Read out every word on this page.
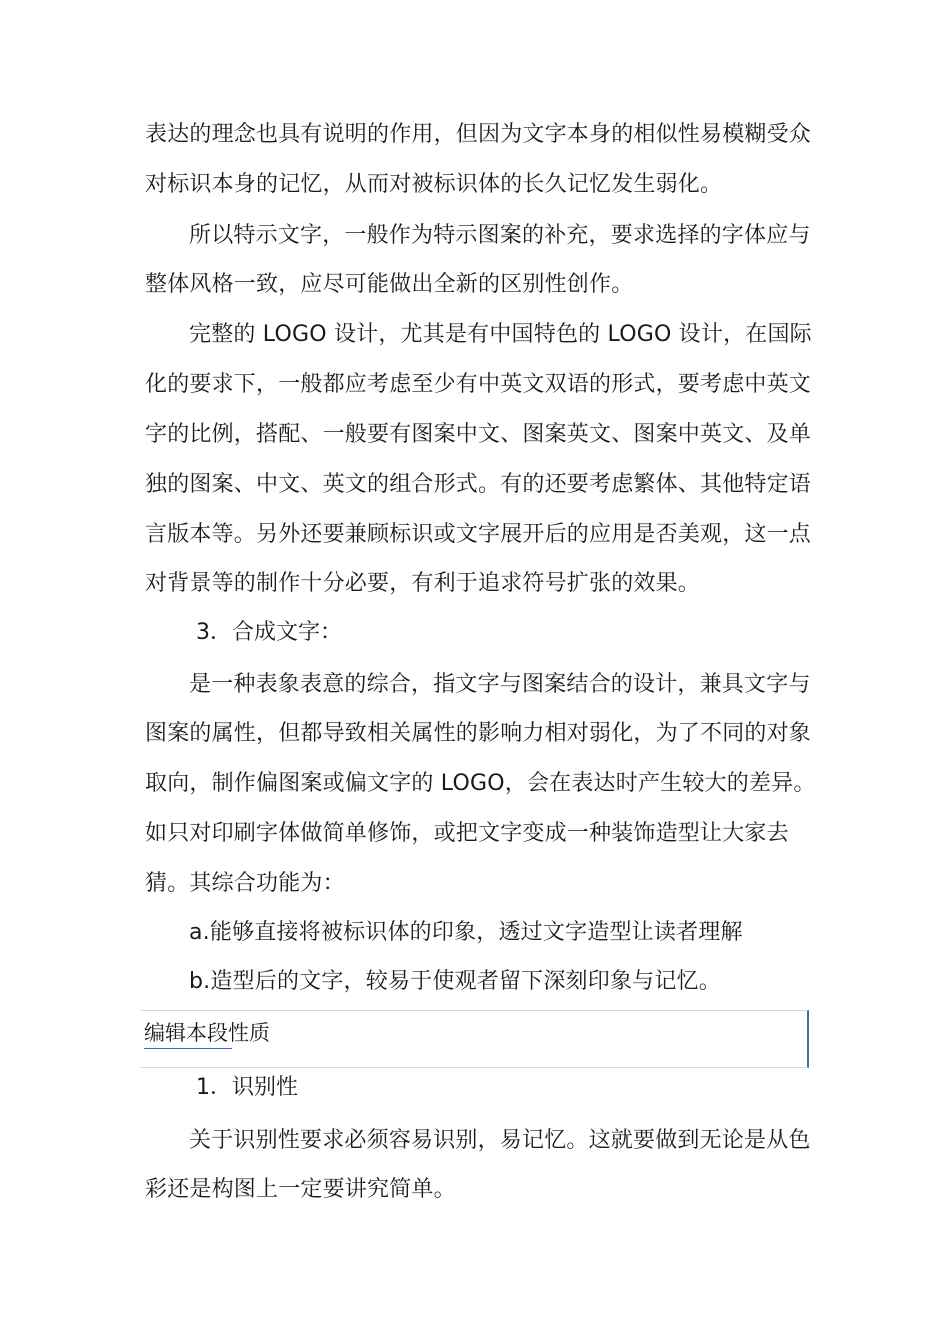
表达的理念也具有说明的作用，但因为文字本身的相似性易模糊受众
对标识本身的记忆，从而对被标识体的长久记忆发生弱化。
所以特示文字，一般作为特示图案的补充，要求选择的字体应与
整体风格一致，应尽可能做出全新的区别性创作。
完整的 LOGO 设计，尤其是有中国特色的 LOGO 设计，在国际
化的要求下，一般都应考虑至少有中英文双语的形式，要考虑中英文
字的比例，搭配、一般要有图案中文、图案英文、图案中英文、及单
独的图案、中文、英文的组合形式。有的还要考虑繁体、其他特定语
言版本等。另外还要兼顾标识或文字展开后的应用是否美观，这一点
对背景等的制作十分必要，有利于追求符号扩张的效果。
3．合成文字：
是一种表象表意的综合，指文字与图案结合的设计，兼具文字与
图案的属性，但都导致相关属性的影响力相对弱化，为了不同的对象
取向，制作偏图案或偏文字的 LOGO，会在表达时产生较大的差异。
如只对印刷字体做简单修饰，或把文字变成一种装饰造型让大家去
猜。其综合功能为：
a.能够直接将被标识体的印象，透过文字造型让读者理解
b.造型后的文字，较易于使观者留下深刻印象与记忆。
编辑本段性质
1．识别性
关于识别性要求必须容易识别，易记忆。这就要做到无论是从色
彩还是构图上一定要讲究简单。
